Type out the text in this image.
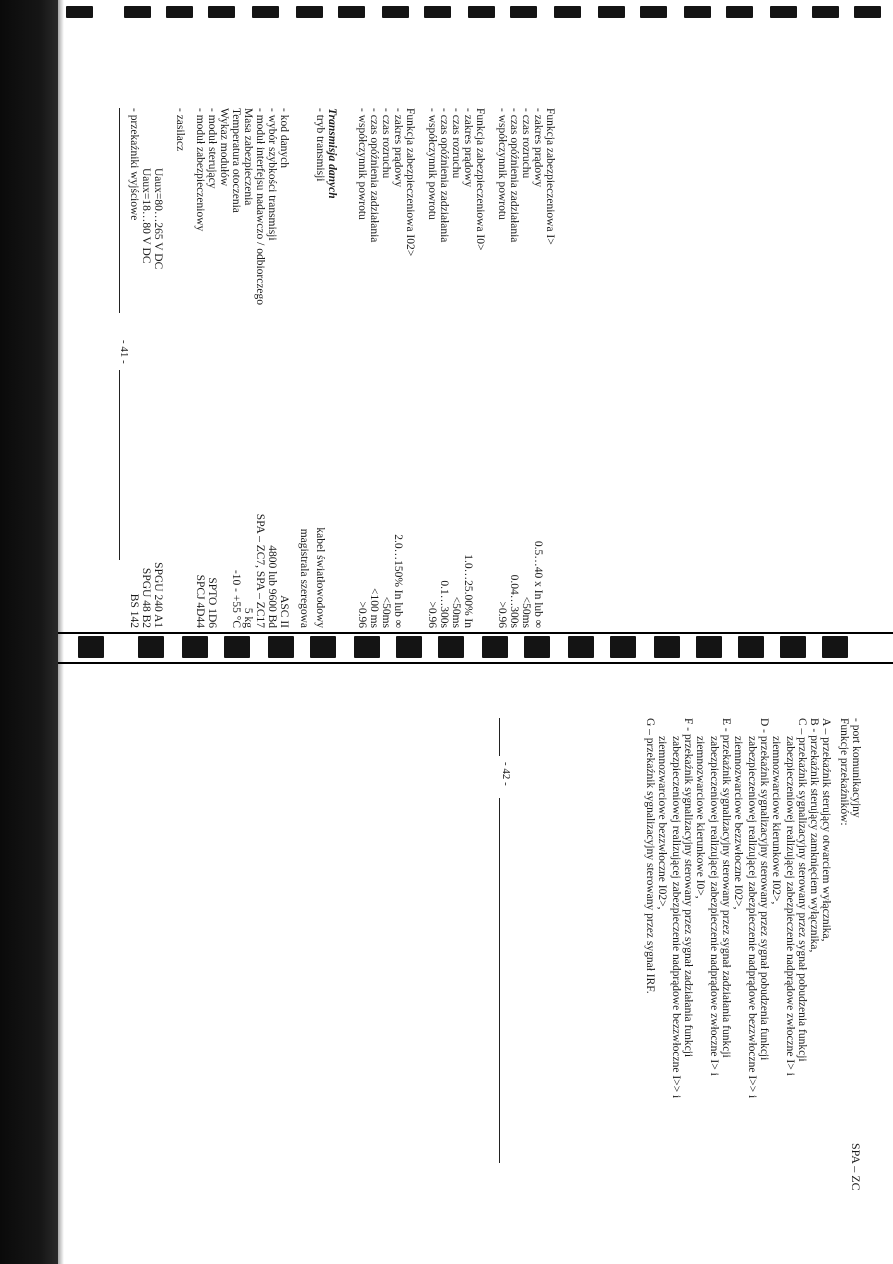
Funkcja zabezpieczeniowa I>
- zakres prądowy
0.5…40 x In lub ∞
- czas rozruchu
<50ms
- czas opóźnienia zadziałania
0.04…300s
- współczynnik powrotu
>0.96
Funkcja zabezpieczeniowa I0>
- zakres prądowy
1.0…25.00% In
- czas rozruchu
<50ms
- czas opóźnienia zadziałania
0.1…300s
- współczynnik powrotu
>0.96
Funkcja zabezpieczeniowa I02>
- zakres prądowy
2.0…150% In lub ∞
- czas rozruchu
<50ms
- czas opóźnienia zadziałania
<100 ms
- współczynnik powrotu
>0.96
Transmisja danych
- tryb transmisji
kabel światłowodowy
magistrala szeregowa
- kod danych
ASC II
- wybór szybkości transmisji
4800 lub 9600 Bd
- moduł interfejsu nadawczo / odbiorczego
SPA – ZC7, SPA – ZC17
Masa zabezpieczenia
5 kg
Temperatura otoczenia
-10 - +55 °C
Wykaz modułów
- moduł sterujący
SPTO 1D6
- moduł zabezpieczeniowy
SPCJ 4D44
- zasilacz
Uaux=80…265 V DC
SPGU 240 A1
Uaux=18…80 V DC
SPGU 48 B2
- przekaźniki wyjściowe
BS 142
- 41 -
SPA – ZC
- port komunikacyjny
Funkcje przekaźników:
A – przekaźnik sterujący otwarciem wyłącznika,
B - przekaźnik sterujący zamknięciem wyłącznika,
C – przekaźnik sygnalizacyjny sterowany przez sygnał pobudzenia funkcji
zabezpieczeniowej realizującej zabezpieczenie nadprądowe zwłoczne I> i
ziemnozwarciowe kierunkowe I02>,
D - przekaźnik sygnalizacyjny sterowany przez sygnał pobudzenia funkcji
zabezpieczeniowej realizującej zabezpieczenie nadprądowe bezzwłoczne I>> i
ziemnozwarciowe bezzwłoczne I02>,
E - przekaźnik sygnalizacyjny sterowany przez sygnał zadziałania funkcji
zabezpieczeniowej realizującej zabezpieczenie nadprądowe zwłoczne I> i
ziemnozwarciowe kierunkowe I0>,
F - przekaźnik sygnalizacyjny sterowany przez sygnał zadziałania funkcji
zabezpieczeniowej realizującej zabezpieczenie nadprądowe bezzwłoczne I>> i
ziemnozwarciowe bezzwłoczne I02>,
G – przekaźnik sygnalizacyjny sterowany przez sygnał IRF.
- 42 -
